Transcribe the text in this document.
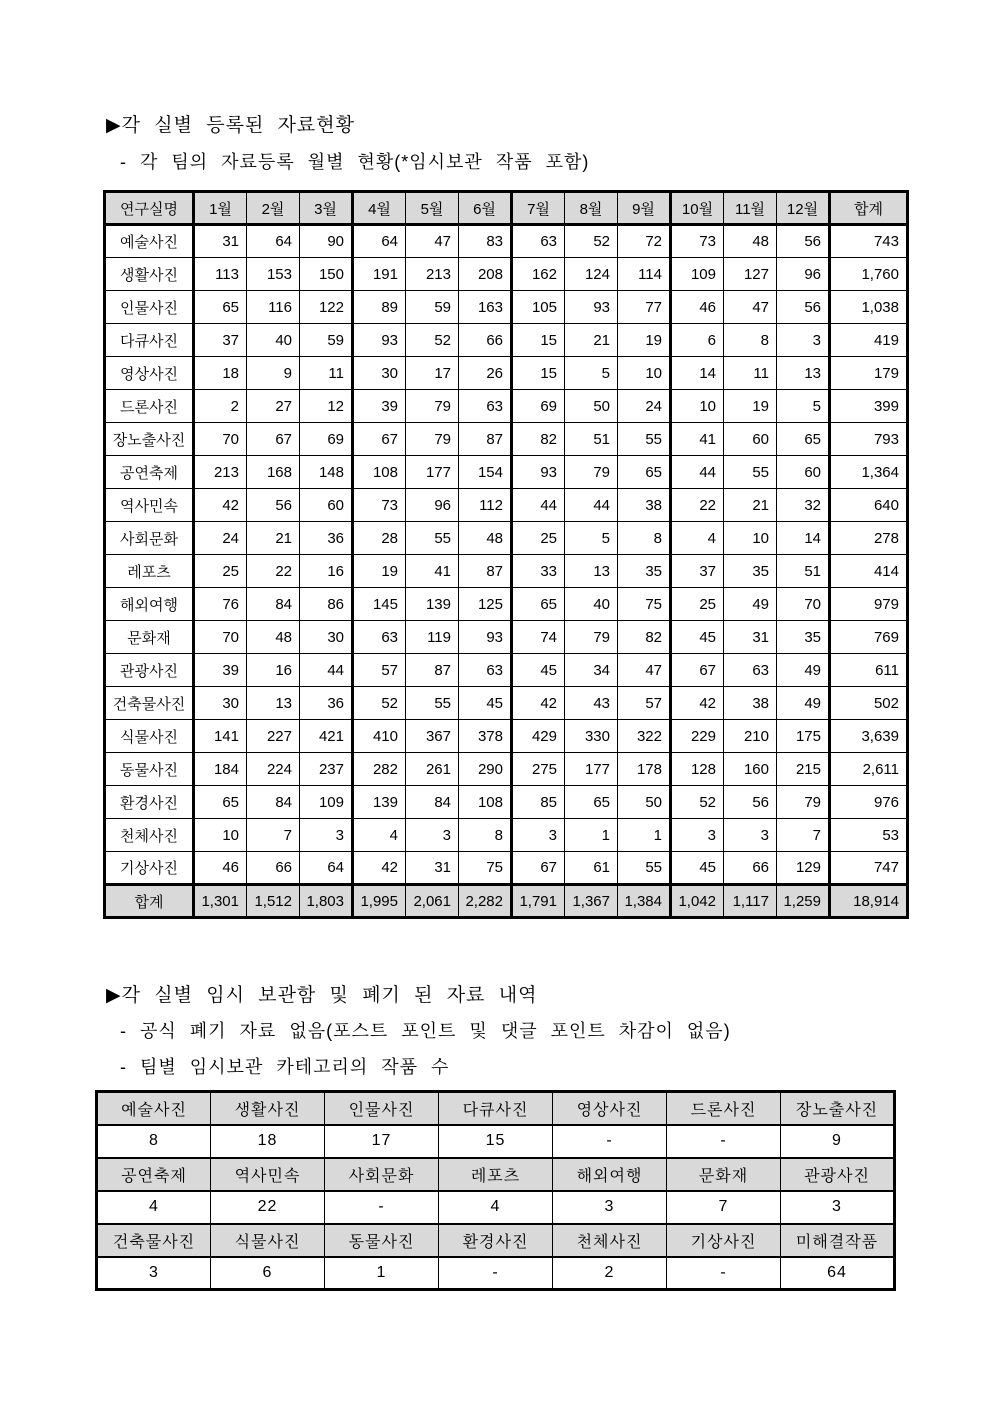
▶각 실별 등록된 자료현황
- 각 팀의 자료등록 월별 현황(*임시보관 작품 포함)
연구실명	1월	2월	3월	4월	5월	6월	7월	8월	9월	10월	11월	12월	합계
예술사진	31	64	90	64	47	83	63	52	72	73	48	56	743
생활사진	113	153	150	191	213	208	162	124	114	109	127	96	1,760
인물사진	65	116	122	89	59	163	105	93	77	46	47	56	1,038
다큐사진	37	40	59	93	52	66	15	21	19	6	8	3	419
영상사진	18	9	11	30	17	26	15	5	10	14	11	13	179
드론사진	2	27	12	39	79	63	69	50	24	10	19	5	399
장노출사진	70	67	69	67	79	87	82	51	55	41	60	65	793
공연축제	213	168	148	108	177	154	93	79	65	44	55	60	1,364
역사민속	42	56	60	73	96	112	44	44	38	22	21	32	640
사회문화	24	21	36	28	55	48	25	5	8	4	10	14	278
레포츠	25	22	16	19	41	87	33	13	35	37	35	51	414
해외여행	76	84	86	145	139	125	65	40	75	25	49	70	979
문화재	70	48	30	63	119	93	74	79	82	45	31	35	769
관광사진	39	16	44	57	87	63	45	34	47	67	63	49	611
건축물사진	30	13	36	52	55	45	42	43	57	42	38	49	502
식물사진	141	227	421	410	367	378	429	330	322	229	210	175	3,639
동물사진	184	224	237	282	261	290	275	177	178	128	160	215	2,611
환경사진	65	84	109	139	84	108	85	65	50	52	56	79	976
천체사진	10	7	3	4	3	8	3	1	1	3	3	7	53
기상사진	46	66	64	42	31	75	67	61	55	45	66	129	747
합계	1,301	1,512	1,803	1,995	2,061	2,282	1,791	1,367	1,384	1,042	1,117	1,259	18,914
▶각 실별 임시 보관함 및 폐기 된 자료 내역
- 공식 폐기 자료 없음(포스트 포인트 및 댓글 포인트 차감이 없음)
- 팀별 임시보관 카테고리의 작품 수
예술사진	생활사진	인물사진	다큐사진	영상사진	드론사진	장노출사진
8	18	17	15	-	-	9
공연축제	역사민속	사회문화	레포츠	해외여행	문화재	관광사진
4	22	-	4	3	7	3
건축물사진	식물사진	동물사진	환경사진	천체사진	기상사진	미해결작품
3	6	1	-	2	-	64
